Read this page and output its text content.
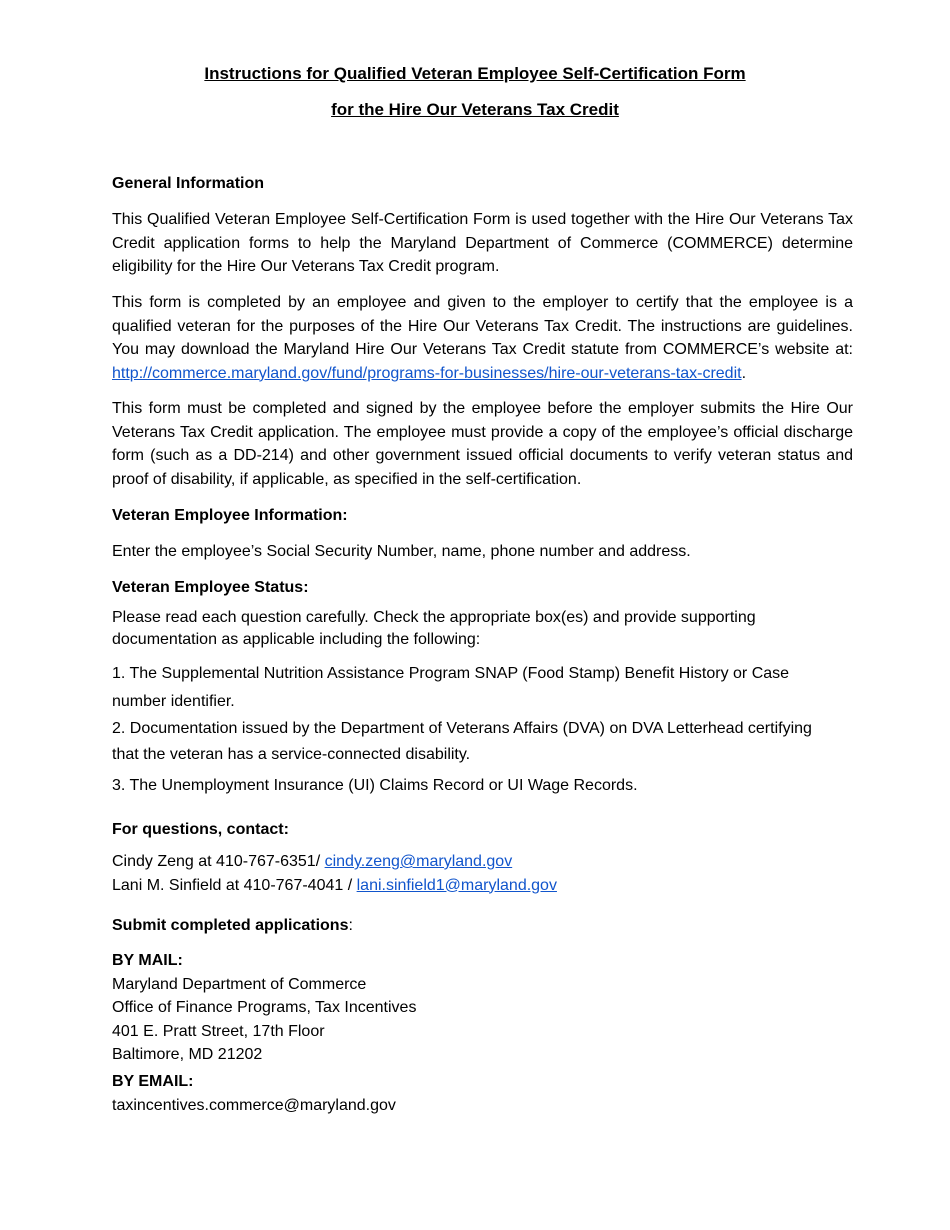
Instructions for Qualified Veteran Employee Self-Certification Form
for the Hire Our Veterans Tax Credit
General Information
This Qualified Veteran Employee Self-Certification Form is used together with the Hire Our Veterans Tax Credit application forms to help the Maryland Department of Commerce (COMMERCE) determine eligibility for the Hire Our Veterans Tax Credit program.
This form is completed by an employee and given to the employer to certify that the employee is a qualified veteran for the purposes of the Hire Our Veterans Tax Credit. The instructions are guidelines. You may download the Maryland Hire Our Veterans Tax Credit statute from COMMERCE’s website at: http://commerce.maryland.gov/fund/programs-for-businesses/hire-our-veterans-tax-credit.
This form must be completed and signed by the employee before the employer submits the Hire Our Veterans Tax Credit application. The employee must provide a copy of the employee’s official discharge form (such as a DD-214) and other government issued official documents to verify veteran status and proof of disability, if applicable, as specified in the self-certification.
Veteran Employee Information:
Enter the employee’s Social Security Number, name, phone number and address.
Veteran Employee Status:
Please read each question carefully. Check the appropriate box(es) and provide supporting
documentation as applicable including the following:
1. The Supplemental Nutrition Assistance Program SNAP (Food Stamp) Benefit History or Case
number identifier.
2. Documentation issued by the Department of Veterans Affairs (DVA) on DVA Letterhead certifying
that the veteran has a service-connected disability.
3. The Unemployment Insurance (UI) Claims Record or UI Wage Records.
For questions, contact:
Cindy Zeng at 410-767-6351/ cindy.zeng@maryland.gov
Lani M. Sinfield at 410-767-4041 / lani.sinfield1@maryland.gov
Submit completed applications:
BY MAIL:
Maryland Department of Commerce
Office of Finance Programs, Tax Incentives
401 E. Pratt Street, 17th Floor
Baltimore, MD 21202
BY EMAIL:
taxincentives.commerce@maryland.gov
